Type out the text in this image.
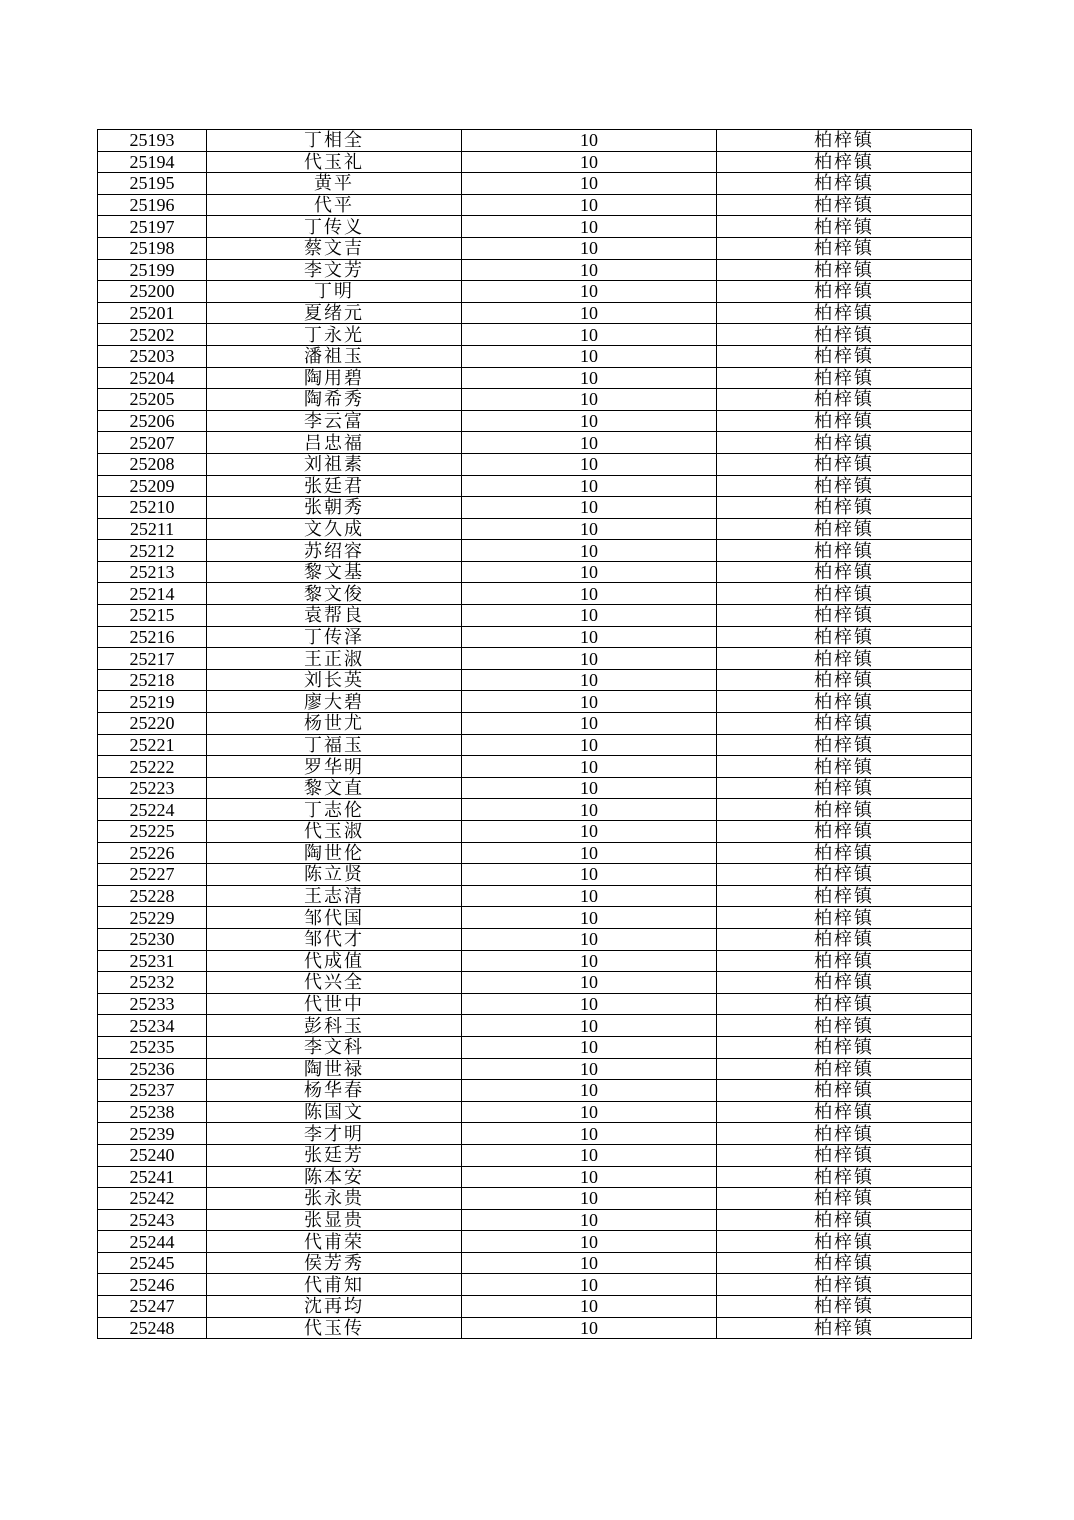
25193	丁相全	10	柏梓镇
25194	代玉礼	10	柏梓镇
25195	黄平	10	柏梓镇
25196	代平	10	柏梓镇
25197	丁传义	10	柏梓镇
25198	蔡文吉	10	柏梓镇
25199	李文芳	10	柏梓镇
25200	丁明	10	柏梓镇
25201	夏绪元	10	柏梓镇
25202	丁永光	10	柏梓镇
25203	潘祖玉	10	柏梓镇
25204	陶用碧	10	柏梓镇
25205	陶希秀	10	柏梓镇
25206	李云富	10	柏梓镇
25207	吕忠福	10	柏梓镇
25208	刘祖素	10	柏梓镇
25209	张廷君	10	柏梓镇
25210	张朝秀	10	柏梓镇
25211	文久成	10	柏梓镇
25212	苏绍容	10	柏梓镇
25213	黎文基	10	柏梓镇
25214	黎文俊	10	柏梓镇
25215	袁帮良	10	柏梓镇
25216	丁传泽	10	柏梓镇
25217	王正淑	10	柏梓镇
25218	刘长英	10	柏梓镇
25219	廖大碧	10	柏梓镇
25220	杨世尤	10	柏梓镇
25221	丁福玉	10	柏梓镇
25222	罗华明	10	柏梓镇
25223	黎文直	10	柏梓镇
25224	丁志伦	10	柏梓镇
25225	代玉淑	10	柏梓镇
25226	陶世伦	10	柏梓镇
25227	陈立贤	10	柏梓镇
25228	王志清	10	柏梓镇
25229	邹代国	10	柏梓镇
25230	邹代才	10	柏梓镇
25231	代成值	10	柏梓镇
25232	代兴全	10	柏梓镇
25233	代世中	10	柏梓镇
25234	彭科玉	10	柏梓镇
25235	李文科	10	柏梓镇
25236	陶世禄	10	柏梓镇
25237	杨华春	10	柏梓镇
25238	陈国文	10	柏梓镇
25239	李才明	10	柏梓镇
25240	张廷芳	10	柏梓镇
25241	陈本安	10	柏梓镇
25242	张永贵	10	柏梓镇
25243	张显贵	10	柏梓镇
25244	代甫荣	10	柏梓镇
25245	侯芳秀	10	柏梓镇
25246	代甫知	10	柏梓镇
25247	沈再均	10	柏梓镇
25248	代玉传	10	柏梓镇
